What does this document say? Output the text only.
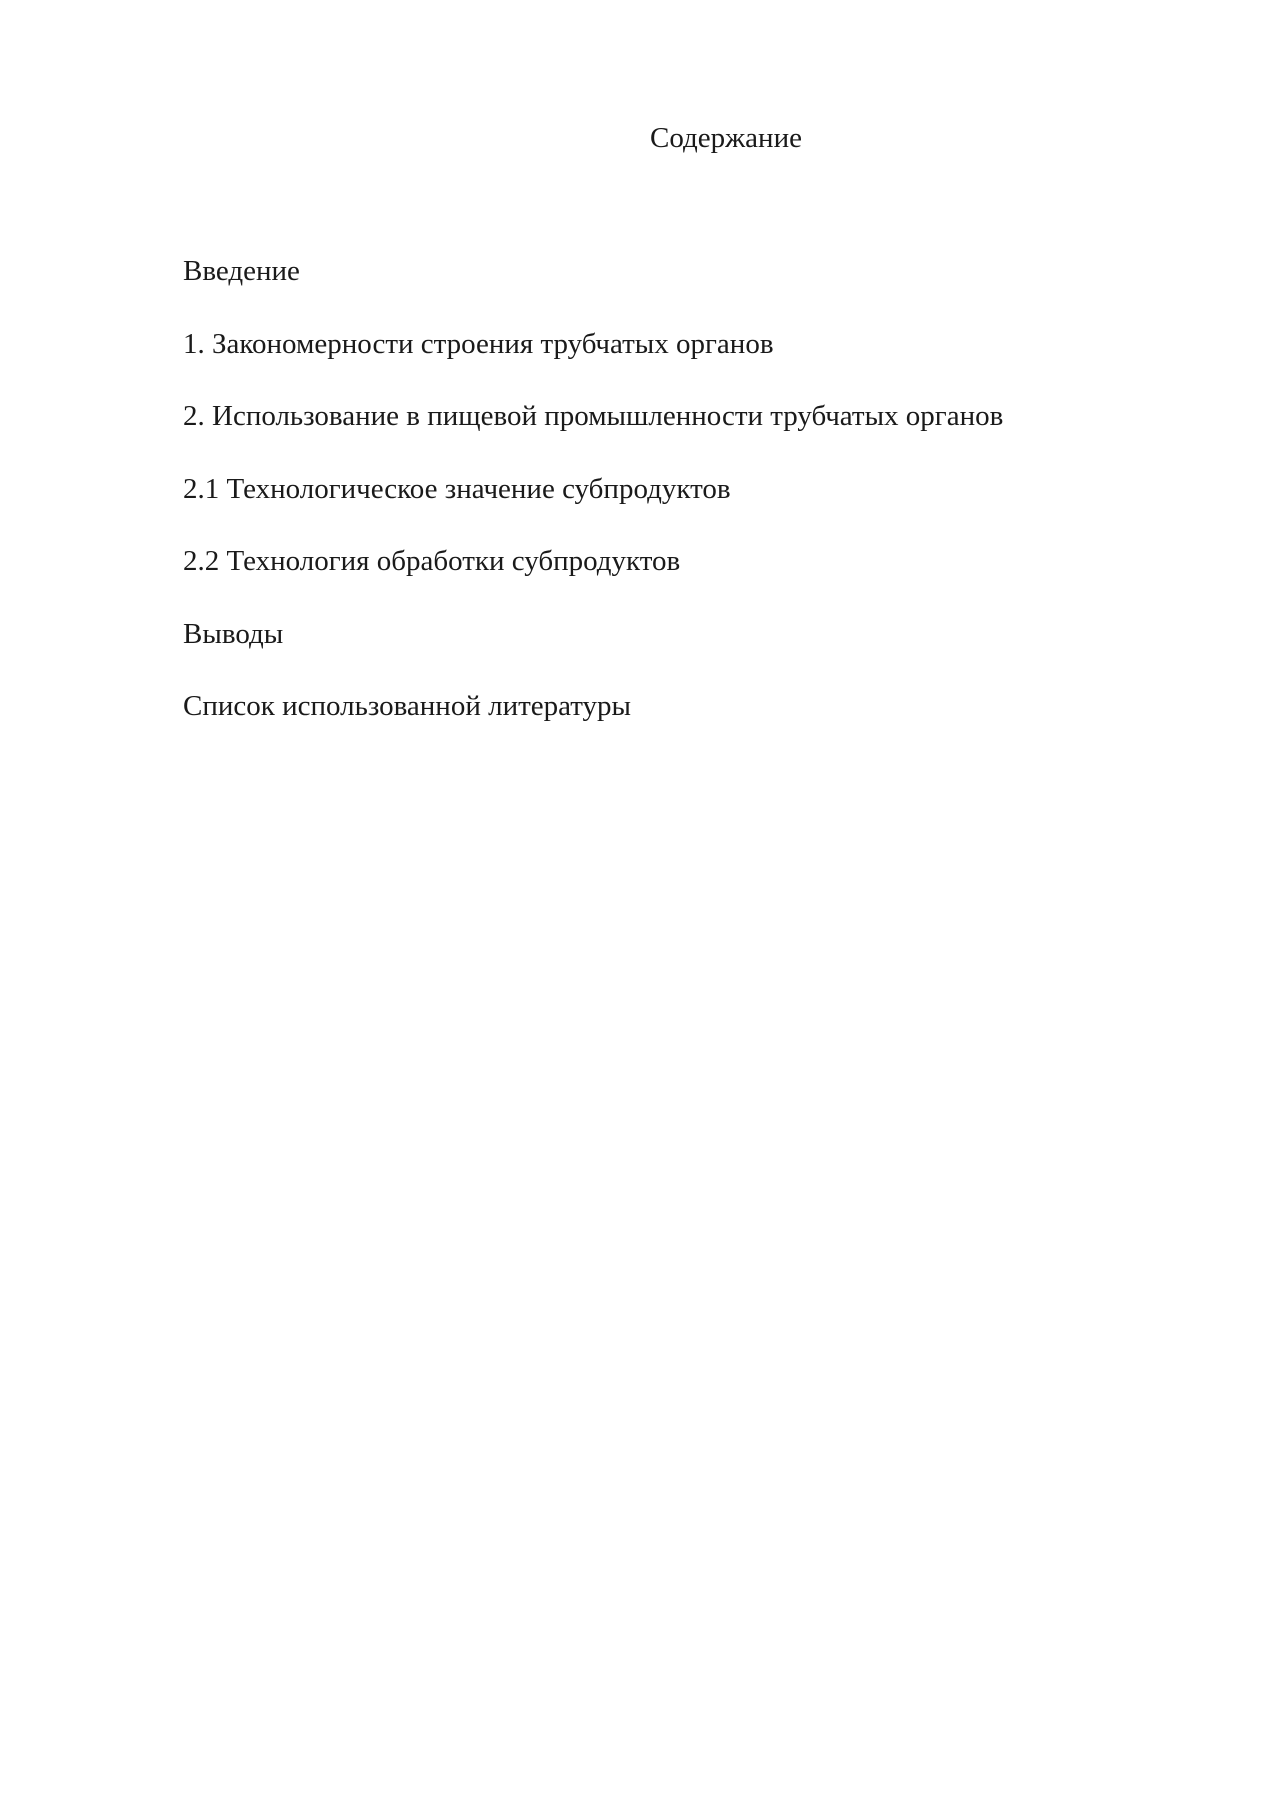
Содержание
Введение
1. Закономерности строения трубчатых органов
2. Использование в пищевой промышленности трубчатых органов
2.1 Технологическое значение субпродуктов
2.2 Технология обработки субпродуктов
Выводы
Список использованной литературы
